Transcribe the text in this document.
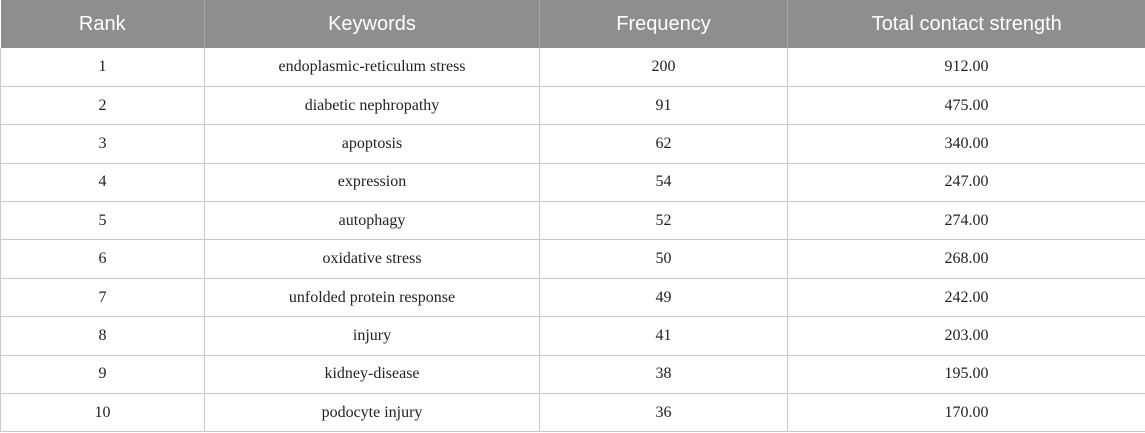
Rank	Keywords	Frequency	Total contact strength
1	endoplasmic-reticulum stress	200	912.00
2	diabetic nephropathy	91	475.00
3	apoptosis	62	340.00
4	expression	54	247.00
5	autophagy	52	274.00
6	oxidative stress	50	268.00
7	unfolded protein response	49	242.00
8	injury	41	203.00
9	kidney-disease	38	195.00
10	podocyte injury	36	170.00
